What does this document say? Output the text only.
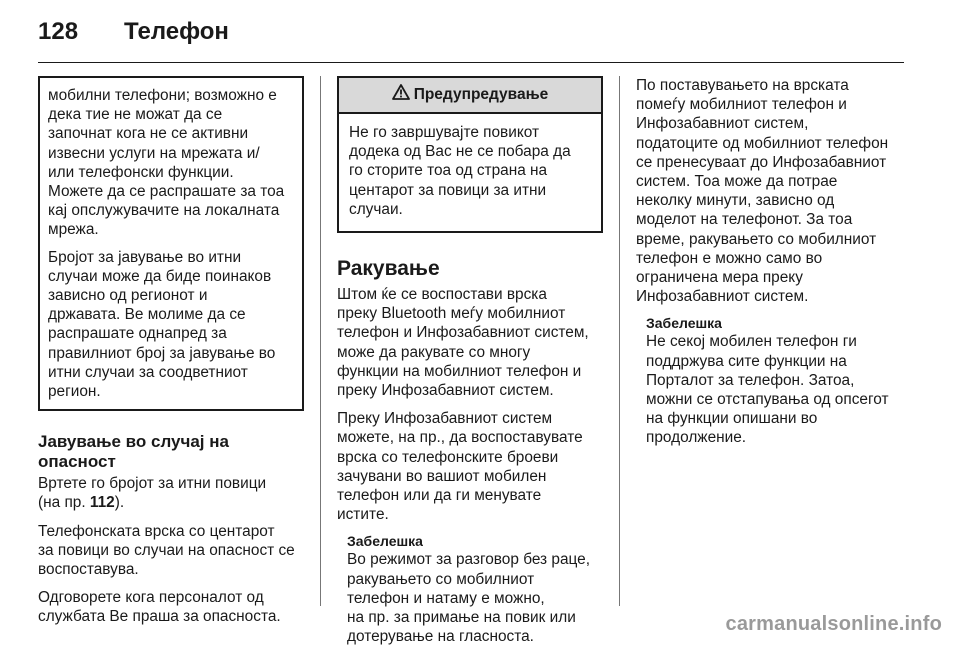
128 Телефон

мобилни телефони; возможно е
дека тие не можат да се
започнат кога не се активни
извесни услуги на мрежата и/
или телефонски функции.
Можете да се распрашате за тоа
кај опслужувачите на локалната
мрежа.

Бројот за јавување во итни
случаи може да биде поинаков
зависно од регионот и
државата. Ве молиме да се
распрашате однапред за
правилниот број за јавување во
итни случаи за соодветниот
регион.

Јавување во случај на
опасност

Вртете го бројот за итни повици
(на пр. 112).

Телефонската врска со центарот
за повици во случаи на опасност се
воспоставува.

Одговорете кога персоналот од
службата Ве праша за опасноста.

Предупредување
Не го завршувајте повикот
додека од Вас не се побара да
го сторите тоа од страна на
центарот за повици за итни
случаи.
Ракување

Штом ќе се воспостави врска
преку Bluetooth меѓу мобилниот
телефон и Инфозабавниот систем,
може да ракувате со многу
функции на мобилниот телефон и
преку Инфозабавниот систем.

Преку Инфозабавниот систем
можете, на пр., да воспоставувате
врска со телефонските броеви
зачувани во вашиот мобилен
телефон или да ги менувате
иститe.

Забелешка
Во режимот за разговор без раце,
ракувањето со мобилниот
телефон и натаму е можно,
на пр. за примање на повик или
дотерување на гласноста.

По поставувањето на врската
помеѓу мобилниот телефон и
Инфозабавниот систем,
податоците од мобилниот телефон
се пренесуваат до Инфозабавниот
систем. Тоа може да потрае
неколку минути, зависно од
моделот на телефонот. За тоа
време, ракувањето со мобилниот
телефон е можно само во
ограничена мера преку
Инфозабавниот систем.

Забелешка
Не секој мобилен телефон ги
поддржува сите функции на
Порталот за телефон. Затоа,
можни се отстапувања од опсегот
на функции опишани во
продолжение.
carmanualsonline.info
